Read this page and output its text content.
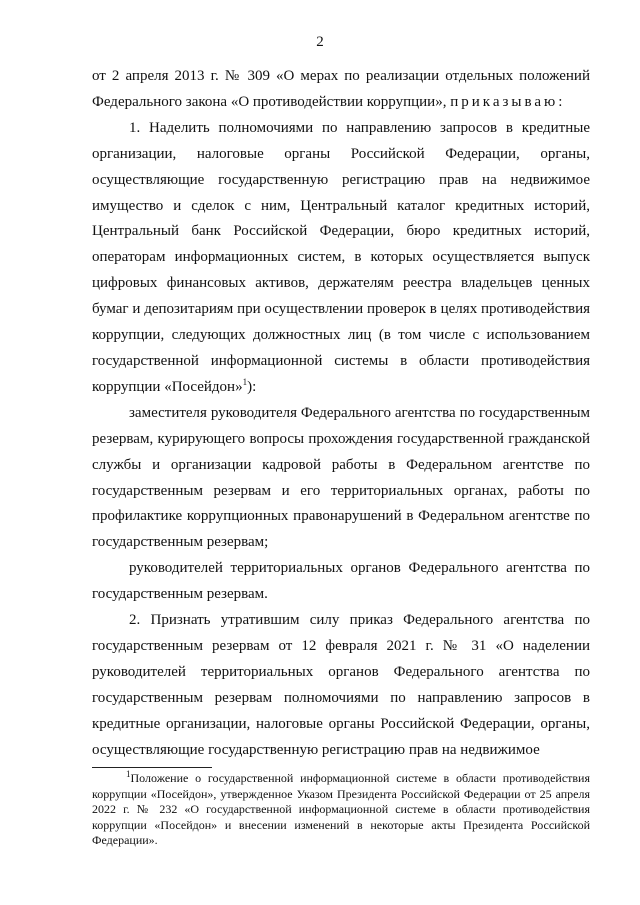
2

от 2 апреля 2013 г. № 309 «О мерах по реализации отдельных положений Федерального закона «О противодействии коррупции», приказываю:

1. Наделить полномочиями по направлению запросов в кредитные организации, налоговые органы Российской Федерации, органы, осуществляющие государственную регистрацию прав на недвижимое имущество и сделок с ним, Центральный каталог кредитных историй, Центральный банк Российской Федерации, бюро кредитных историй, операторам информационных систем, в которых осуществляется выпуск цифровых финансовых активов, держателям реестра владельцев ценных бумаг и депозитариям при осуществлении проверок в целях противодействия коррупции, следующих должностных лиц (в том числе с использованием государственной информационной системы в области противодействия коррупции «Посейдон»$^1$):

заместителя руководителя Федерального агентства по государственным резервам, курирующего вопросы прохождения государственной гражданской службы и организации кадровой работы в Федеральном агентстве по государственным резервам и его территориальных органах, работы по профилактике коррупционных правонарушений в Федеральном агентстве по государственным резервам;

руководителей территориальных органов Федерального агентства по государственным резервам.

2. Признать утратившим силу приказ Федерального агентства по государственным резервам от 12 февраля 2021 г. № 31 «О наделении руководителей территориальных органов Федерального агентства по государственным резервам полномочиями по направлению запросов в кредитные организации, налоговые органы Российской Федерации, органы, осуществляющие государственную регистрацию прав на недвижимое

$^1$Положение о государственной информационной системе в области противодействия коррупции «Посейдон», утвержденное Указом Президента Российской Федерации от 25 апреля 2022 г. № 232 «О государственной информационной системе в области противодействия коррупции «Посейдон» и внесении изменений в некоторые акты Президента Российской Федерации».
